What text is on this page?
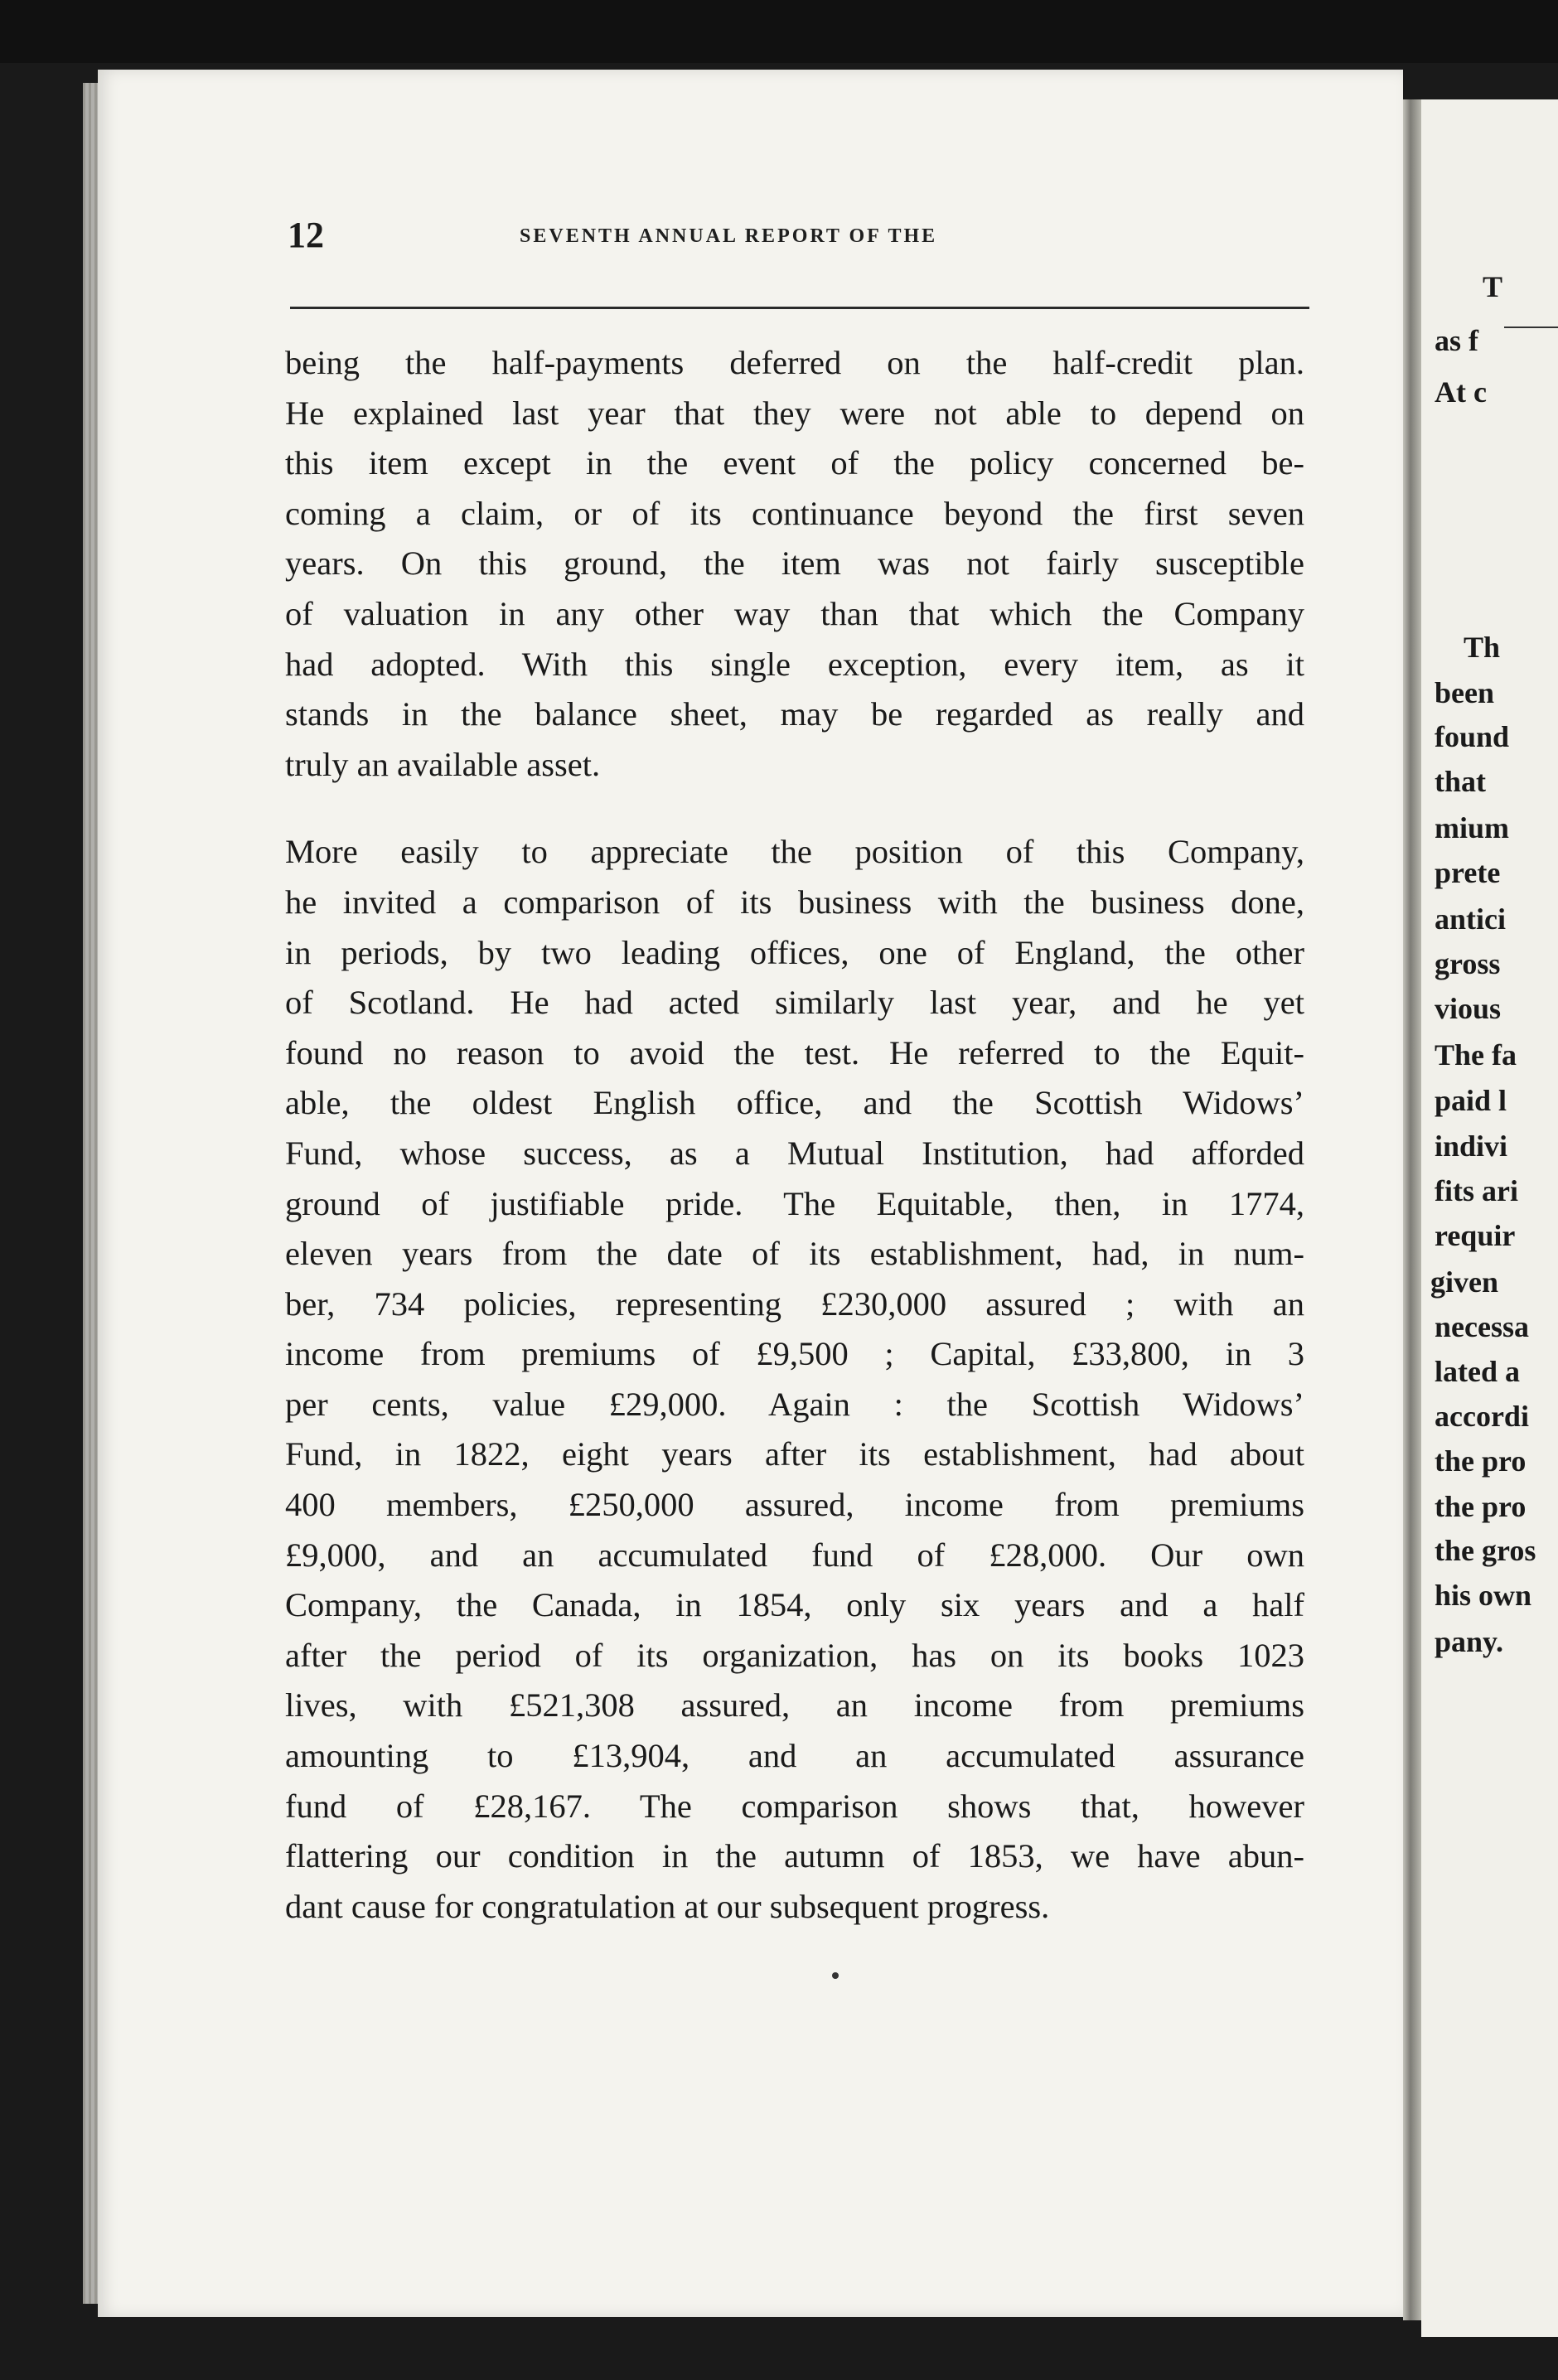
12	SEVENTH ANNUAL REPORT OF THE

being the half-payments deferred on the half-credit plan.
He explained last year that they were not able to depend on
this item except in the event of the policy concerned be-
coming a claim, or of its continuance beyond the first seven
years. On this ground, the item was not fairly susceptible
of valuation in any other way than that which the Company
had adopted. With this single exception, every item, as it
stands in the balance sheet, may be regarded as really and
truly an available asset.

More easily to appreciate the position of this Company,
he invited a comparison of its business with the business done,
in periods, by two leading offices, one of England, the other
of Scotland. He had acted similarly last year, and he yet
found no reason to avoid the test. He referred to the Equit-
able, the oldest English office, and the Scottish Widows’
Fund, whose success, as a Mutual Institution, had afforded
ground of justifiable pride. The Equitable, then, in 1774,
eleven years from the date of its establishment, had, in num-
ber, 734 policies, representing £230,000 assured ; with an
income from premiums of £9,500 ; Capital, £33,800, in 3
per cents, value £29,000. Again : the Scottish Widows’
Fund, in 1822, eight years after its establishment, had about
400 members, £250,000 assured, income from premiums
£9,000, and an accumulated fund of £28,000. Our own
Company, the Canada, in 1854, only six years and a half
after the period of its organization, has on its books 1023
lives, with £521,308 assured, an income from premiums
amounting to £13,904, and an accumulated assurance
fund of £28,167. The comparison shows that, however
flattering our condition in the autumn of 1853, we have abun-
dant cause for congratulation at our subsequent progress.

T
as f
At c
Th
been
found
that
mium
prete
antici
gross
vious
The fa
paid l
indivi
fits ari
requir
given
necessa
lated a
accordi
the pro
the pro
the gros
his own
pany.
